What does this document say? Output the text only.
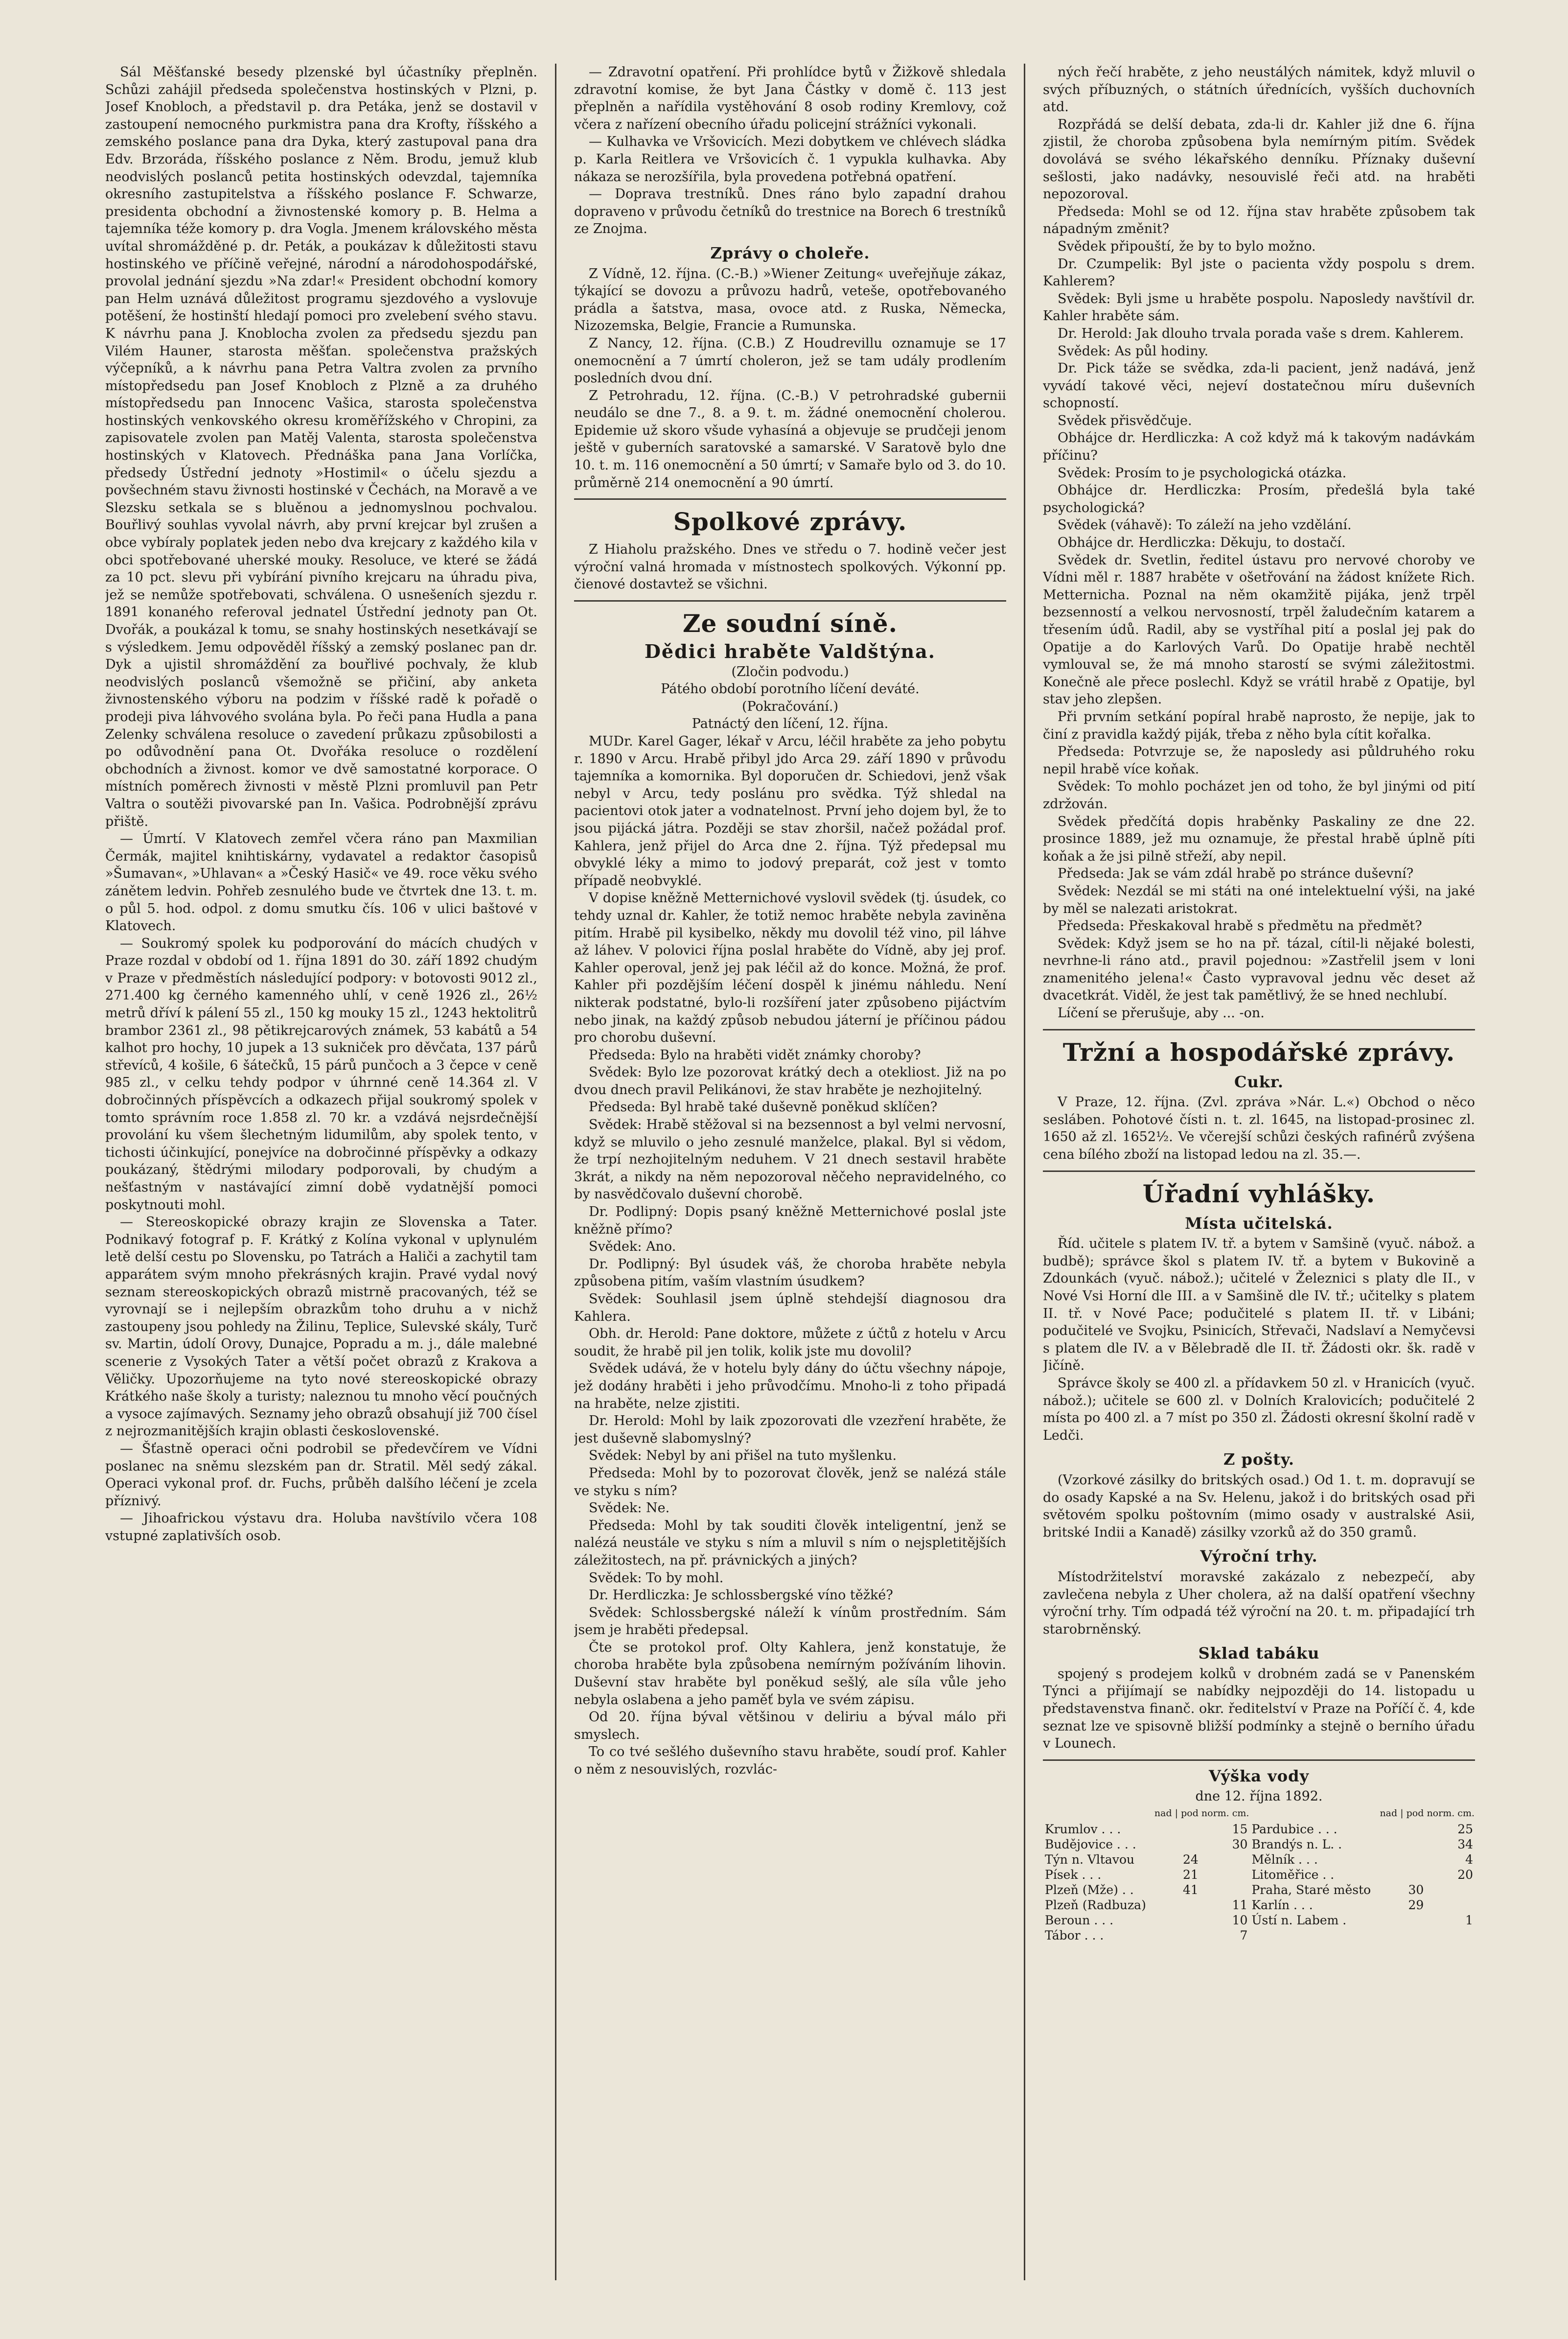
Sál Měšťanské besedy plzenské byl účastníky přeplněn. Schůzi zahájil předseda společenstva hostinských v Plzni, p. Josef Knobloch, a představil p. dra Petáka, jenž se dostavil v zastoupení nemocného purkmistra pana dra Krofty, říšského a zemského poslance pana dra Dyka, který zastupoval pana dra Edv. Brzoráda, říšského poslance z Něm. Brodu, jemuž klub neodvislých poslanců petita hostinských odevzdal, tajemníka okresního zastupitelstva a říšského poslance F. Schwarze, presidenta obchodní a živnostenské komory p. B. Helma a tajemníka téže komory p. dra Vogla. Jmenem královského města uvítal shromážděné p. dr. Peták, a poukázav k důležitosti stavu hostinského ve příčině veřejné, národní a národohospodářské, provolal jednání sjezdu »Na zdar!« President obchodní komory pan Helm uznává důležitost programu sjezdového a vyslovuje potěšení, že hostinští hledají pomoci pro zvelebení svého stavu. K návrhu pana J. Knoblocha zvolen za předsedu sjezdu pan Vilém Hauner, starosta měšťan. společenstva pražských výčepníků, a k návrhu pana Petra Valtra zvolen za prvního místopředsedu pan Josef Knobloch z Plzně a za druhého místopředsedu pan Innocenc Vašica, starosta společenstva hostinských venkovského okresu kroměřížského v Chropini, za zapisovatele zvolen pan Matěj Valenta, starosta společenstva hostinských v Klatovech. Přednáška pana Jana Vorlíčka, předsedy Ústřední jednoty »Hostimil« o účelu sjezdu a povšechném stavu živnosti hostinské v Čechách, na Moravě a ve Slezsku setkala se s bluěnou a jednomyslnou pochvalou. Bouřlivý souhlas vyvolal návrh, aby první krejcar byl zrušen a obce vybíraly poplatek jeden nebo dva krejcary z každého kila v obci spotřebované uherské mouky. Resoluce, ve které se žádá za 10 pct. slevu při vybírání pivního krejcaru na úhradu piva, jež se nemůže spotřebovati, schválena. O usnešeních sjezdu r. 1891 konaného referoval jednatel Ústřední jednoty pan Ot. Dvořák, a poukázal k tomu, se snahy hostinských nesetkávají se s výsledkem. Jemu odpověděl říšský a zemský poslanec pan dr. Dyk a ujistil shromáždění za bouřlivé pochvaly, že klub neodvislých poslanců všemožně se přičiní, aby anketa živnostenského výboru na podzim v říšské radě k pořadě o prodeji piva láhvového svolána byla. Po řeči pana Hudla a pana Zelenky schválena resoluce o zavedení průkazu způsobilosti a po odůvodnění pana Ot. Dvořáka resoluce o rozdělení obchodních a živnost. komor ve dvě samostatné korporace. O místních poměrech živnosti v městě Plzni promluvil pan Petr Valtra o soutěži pivovarské pan In. Vašica. Podrobnější zprávu přiště.

— Úmrtí. V Klatovech zemřel včera ráno pan Maxmilian Čermák, majitel knihtiskárny, vydavatel a redaktor časopisů »Šumavan«, »Uhlavan« a »Český Hasič« ve 49. roce věku svého zánětem ledvin. Pohřeb zesnulého bude ve čtvrtek dne 13. t. m. o půl 5. hod. odpol. z domu smutku čís. 106 v ulici baštové v Klatovech.

— Soukromý spolek ku podporování do mácích chudých v Praze rozdal v období od 1. října 1891 do 30. září 1892 chudým v Praze v předměstích následující podpory: v botovosti 9012 zl., 271.400 kg černého kamenného uhlí, v ceně 1926 zl., 26½ metrů dříví k pálení 55 zl., 150 kg mouky 15 zl., 1243 hektolitrů brambor 2361 zl., 98 pětikrejcarových známek, 53 kabátů a 54 kalhot pro hochy, 10 jupek a 13 sukniček pro děvčata, 137 párů střevíců, 4 košile, 6 šátečků, 15 párů punčoch a 3 čepce v ceně 985 zl., v celku tehdy podpor v úhrnné ceně 14.364 zl. V dobročinných příspěvcích a odkazech přijal soukromý spolek v tomto správním roce 1.858 zl. 70 kr. a vzdává nejsrdečnější provolání ku všem šlechetným lidumilům, aby spolek tento, v tichosti účinkující, ponejvíce na dobročinné příspěvky a odkazy poukázaný, štědrými milodary podporovali, by chudým a nešťastným v nastávající zimní době vydatnější pomoci poskytnouti mohl.

— Stereoskopické obrazy krajin ze Slovenska a Tater. Podnikavý fotograf p. F. Krátký z Kolína vykonal v uplynulém letě delší cestu po Slovensku, po Tatrách a Haliči a zachytil tam apparátem svým mnoho překrásných krajin. Pravé vydal nový seznam stereoskopických obrazů mistrně pracovaných, též se vyrovnají se i nejlepším obrazkům toho druhu a v nichž zastoupeny jsou pohledy na Žilinu, Teplice, Sulevské skály, Turč sv. Martin, údolí Orovy, Dunajce, Popradu a m. j., dále malebné scenerie z Vysokých Tater a větší počet obrazů z Krakova a Věličky. Upozorňujeme na tyto nové stereoskopické obrazy Krátkého naše školy a turisty; naleznou tu mnoho věcí poučných a vysoce zajímavých. Seznamy jeho obrazů obsahují již 700 čísel z nejrozmanitějších krajin oblasti československé.

— Šťastně operaci očni podrobil se předevčírem ve Vídni poslanec na sněmu slezském pan dr. Stratil. Měl sedý zákal. Operaci vykonal prof. dr. Fuchs, průběh dalšího léčení je zcela příznivý.

— Jihoafrickou výstavu dra. Holuba navštívilo včera 108 vstupné zaplativších osob.

— Zdravotní opatření. Při prohlídce bytů v Žižkově shledala zdravotní komise, že byt Jana Částky v domě č. 113 jest přeplněn a nařídila vystěhování 8 osob rodiny Kremlovy, což včera z nařízení obecního úřadu policejní strážníci vykonali.

— Kulhavka ve Vršovicích. Mezi dobytkem ve chlévech sládka p. Karla Reitlera ve Vršovicích č. 1 vypukla kulhavka. Aby nákaza se nerozšířila, byla provedena potřebná opatření.

— Doprava trestníků. Dnes ráno bylo zapadní drahou dopraveno v průvodu četníků do trestnice na Borech 6 trestníků ze Znojma.

Zprávy o choleře.

Z Vídně, 12. října. (C.-B.) »Wiener Zeitung« uveřejňuje zákaz, týkající se dovozu a průvozu hadrů, veteše, opotřebovaného prádla a šatstva, masa, ovoce atd. z Ruska, Německa, Nizozemska, Belgie, Francie a Rumunska.

Z Nancy, 12. října. (C.B.) Z Houdrevillu oznamuje se 17 onemocnění a 7 úmrtí choleron, jež se tam udály prodlením posledních dvou dní.

Z Petrohradu, 12. října. (C.-B.) V petrohradské gubernii neudálo se dne 7., 8. a 9. t. m. žádné onemocnění cholerou. Epidemie už skoro všude vyhasíná a objevuje se prudčeji jenom ještě v guberních saratovské a samarské. V Saratově bylo dne 10. t. m. 116 onemocnění a 50 úmrtí; v Samaře bylo od 3. do 10. průměrně 214 onemocnění a 90 úmrtí.

Spolkové zprávy.

Z Hiaholu pražského. Dnes ve středu o 7. hodině večer jest výroční valná hromada v místnostech spolkových. Výkonní pp. čienové dostavtež se všichni.

Ze soudní síně.
Dědici hraběte Valdštýna.

(Zločin podvodu.)

Pátého období porotního líčení deváté.

(Pokračování.)

Patnáctý den líčení, 12. října.

MUDr. Karel Gager, lékař v Arcu, léčil hraběte za jeho pobytu r. 1890 v Arcu. Hrabě přibyl jdo Arca 29. září 1890 v průvodu tajemníka a komornika. Byl doporučen dr. Schiedovi, jenž však nebyl v Arcu, tedy poslánu pro svědka. Týž shledal na pacientovi otok jater a vodnatelnost. První jeho dojem byl, že to jsou pijácká játra. Později se stav zhoršil, načež požádal prof. Kahlera, jenž přijel do Arca dne 2. října. Týž předepsal mu obvyklé léky a mimo to jodový preparát, což jest v tomto případě neobvyklé.

V dopise kněžně Metternichové vyslovil svědek (tj. úsudek, co tehdy uznal dr. Kahler, že totiž nemoc hraběte nebyla zaviněna pitím. Hrabě pil kysibelko, někdy mu dovolil též vino, pil láhve až láhev. V polovici října poslal hraběte do Vídně, aby jej prof. Kahler operoval, jenž jej pak léčil až do konce. Možná, že prof. Kahler při pozdějším léčení dospěl k jinému náhledu. Není nikterak podstatné, bylo-li rozšíření jater způsobeno pijáctvím nebo jinak, na každý způsob nebudou játerní je příčinou pádou pro chorobu duševní.

Předseda: Bylo na hraběti vidět známky choroby?

Svědek: Bylo lze pozorovat krátký dech a otekliost. Již na po dvou dnech pravil Pelikánovi, že stav hraběte je nezhojitelný.

Předseda: Byl hrabě také duševně poněkud sklíčen?

Svědek: Hrabě stěžoval si na bezsennost a byl velmi nervosní, když se mluvilo o jeho zesnulé manželce, plakal. Byl si vědom, že trpí nezhojitelným neduhem. V 21 dnech sestavil hraběte 3krát, a nikdy na něm nepozoroval něčeho nepravidelného, co by nasvědčovalo duševní chorobě.

Dr. Podlipný: Dopis psaný kněžně Metternichové poslal jste kněžně přímo?

Svědek: Ano.

Dr. Podlipný: Byl úsudek váš, že choroba hraběte nebyla způsobena pitím, vaším vlastním úsudkem?

Svědek: Souhlasil jsem úplně stehdejší diagnosou dra Kahlera.

Obh. dr. Herold: Pane doktore, můžete z účtů z hotelu v Arcu soudit, že hrabě pil jen tolik, kolik jste mu dovolil?

Svědek udává, že v hotelu byly dány do účtu všechny nápoje, jež dodány hraběti i jeho průvodčímu. Mnoho-li z toho připadá na hraběte, nelze zjistiti.

Dr. Herold: Mohl by laik zpozorovati dle vzezření hraběte, že jest duševně slabomyslný?

Svědek: Nebyl by ani přišel na tuto myšlenku.

Předseda: Mohl by to pozorovat člověk, jenž se nalézá stále ve styku s ním?

Svědek: Ne.

Předseda: Mohl by tak souditi člověk inteligentní, jenž se nalézá neustále ve styku s ním a mluvil s ním o nejspletitějších záležitostech, na př. právnických a jiných?

Svědek: To by mohl.

Dr. Herdliczka: Je schlossbergské víno těžké?

Svědek: Schlossbergské náleží k vínům prostředním. Sám jsem je hraběti předepsal.

Čte se protokol prof. Olty Kahlera, jenž konstatuje, že choroba hraběte byla způsobena nemírným požíváním lihovin. Duševní stav hraběte byl poněkud sešlý, ale síla vůle jeho nebyla oslabena a jeho paměť byla ve svém zápisu.

Od 20. října býval většinou v deliriu a býval málo při smyslech.

To co tvé sešlého duševního stavu hraběte, soudí prof. Kahler o něm z nesouvislých, rozvlác-

ných řečí hraběte, z jeho neustálých námitek, když mluvil o svých příbuzných, o státních úřednících, vyšších duchovních atd.

Rozpřádá se delší debata, zda-li dr. Kahler již dne 6. října zjistil, že choroba způsobena byla nemírným pitím. Svědek dovolává se svého lékařského denníku. Příznaky duševní sešlosti, jako nadávky, nesouvislé řeči atd. na hraběti nepozoroval.

Předseda: Mohl se od 12. října stav hraběte způsobem tak nápadným změnit?

Svědek připouští, že by to bylo možno.

Dr. Czumpelik: Byl jste o pacienta vždy pospolu s drem. Kahlerem?

Svědek: Byli jsme u hraběte pospolu. Naposledy navštívil dr. Kahler hraběte sám.

Dr. Herold: Jak dlouho trvala porada vaše s drem. Kahlerem.

Svědek: As půl hodiny.

Dr. Pick táže se svědka, zda-li pacient, jenž nadává, jenž vyvádí takové věci, nejeví dostatečnou míru duševních schopností.

Svědek přisvědčuje.

Obhájce dr. Herdliczka: A což když má k takovým nadávkám příčinu?

Svědek: Prosím to je psychologická otázka.

Obhájce dr. Herdliczka: Prosím, předešlá byla také psychologická?

Svědek (váhavě): To záleží na jeho vzdělání.

Obhájce dr. Herdliczka: Děkuju, to dostačí.

Svědek dr. Svetlin, ředitel ústavu pro nervové choroby ve Vídni měl r. 1887 hraběte v ošetřování na žádost knížete Rich. Metternicha. Poznal na něm okamžitě pijáka, jenž trpěl bezsenností a velkou nervosností, trpěl žaludečním katarem a třesením údů. Radil, aby se vystříhal pití a poslal jej pak do Opatije a do Karlových Varů. Do Opatije hrabě nechtěl vymlouval se, že má mnoho starostí se svými záležitostmi. Konečně ale přece poslechl. Když se vrátil hrabě z Opatije, byl stav jeho zlepšen.

Při prvním setkání popíral hrabě naprosto, že nepije, jak to činí z pravidla každý piják, třeba z něho byla cítit kořalka.

Předseda: Potvrzuje se, že naposledy asi půldruhého roku nepil hrabě více koňak.

Svědek: To mohlo pocházet jen od toho, že byl jinými od pití zdržován.

Svědek předčítá dopis hraběnky Paskaliny ze dne 22. prosince 1889, jež mu oznamuje, že přestal hrabě úplně píti koňak a že jsi pilně střeží, aby nepil.

Předseda: Jak se vám zdál hrabě po stránce duševní?

Svědek: Nezdál se mi státi na oné intelektuelní výši, na jaké by měl se nalezati aristokrat.

Předseda: Přeskakoval hrabě s předmětu na předmět?

Svědek: Když jsem se ho na př. tázal, cítil-li nějaké bolesti, nevrhne-li ráno atd., pravil pojednou: »Zastřelil jsem v loni znamenitého jelena!« Často vypravoval jednu věc deset až dvacetkrát. Viděl, že jest tak pamětlivý, že se hned nechlubí.

Líčení se přerušuje, aby ... -on.

Tržní a hospodářské zprávy.
Cukr.

V Praze, 12. října. (Zvl. zpráva »Nár. L.«) Obchod o něco sesláben. Pohotové čísti n. t. zl. 1645, na listopad-prosinec zl. 1650 až zl. 1652½. Ve včerejší schůzi českých rafinérů zvýšena cena bílého zboží na listopad ledou na zl. 35.—.

Úřadní vyhlášky.
Místa učitelská.

Říd. učitele s platem IV. tř. a bytem v Samšině (vyuč. nábož. a budbě); správce škol s platem IV. tř. a bytem v Bukovině a Zdounkách (vyuč. nábož.); učitelé v Železnici s platy dle II., v Nové Vsi Horní dle III. a v Samšině dle IV. tř.; učitelky s platem II. tř. v Nové Pace; podučitelé s platem II. tř. v Libáni; podučitelé ve Svojku, Psinicích, Střevači, Nadslaví a Nemyčevsi s platem dle IV. a v Bělebradě dle II. tř. Žádosti okr. šk. radě v Jičíně.

Správce školy se 400 zl. a přídavkem 50 zl. v Hranicích (vyuč. nábož.); učitele se 600 zl. v Dolních Kralovicích; podučitelé 2 místa po 400 zl. a 7 míst po 350 zl. Žádosti okresní školní radě v Ledči.

Z pošty.

(Vzorkové zásilky do britských osad.) Od 1. t. m. dopravují se do osady Kapské a na Sv. Helenu, jakož i do britských osad při světovém spolku poštovním (mimo osady v australské Asii, britské Indii a Kanadě) zásilky vzorků až do 350 gramů.

Výroční trhy.

Místodržitelství moravské zakázalo z nebezpečí, aby zavlečena nebyla z Uher cholera, až na další opatření všechny výroční trhy. Tím odpadá též výroční na 20. t. m. připadající trh starobrněnský.

Sklad tabáku

spojený s prodejem kolků v drobném zadá se v Panenském Týnci a přijímají se nabídky nejpozději do 14. listopadu u představenstva finanč. okr. ředitelství v Praze na Poříčí č. 4, kde seznat lze ve spisovně bližší podmínky a stejně o berního úřadu v Lounech.

Výška vody

dne 12. října 1892.

	nad | pod norm. cm.			nad | pod norm. cm.	
Krumlov . . .		15	Pardubice . . .		25
Budějovice . . .		30	Brandýs n. L. .		34
Týn n. Vltavou	24		Mělník . . .		4
Písek . . .	21		Litoměřice . .		20
Plzeň (Mže) . .	41		Praha, Staré město	30	
Plzeň (Radbuza)		11	Karlín . . .	29	
Beroun . . .		10	Ústí n. Labem .		1
Tábor . . .		7			
